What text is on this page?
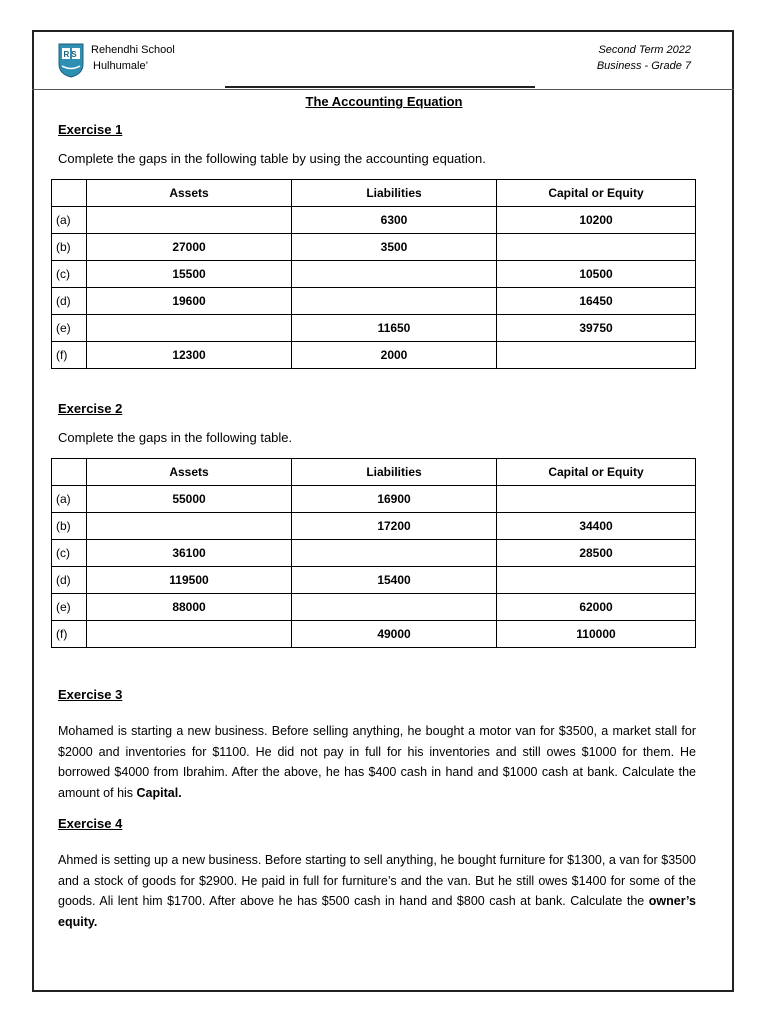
RS Rehendhi School
Hulhumale’
Second Term 2022
Business - Grade 7
The Accounting Equation
Exercise 1
Complete the gaps in the following table by using the accounting equation.
	Assets	Liabilities	Capital or Equity
(a)		6300	10200
(b)	27000	3500	
(c)	15500		10500
(d)	19600		16450
(e)		11650	39750
(f)	12300	2000	
Exercise 2
Complete the gaps in the following table.
	Assets	Liabilities	Capital or Equity
(a)	55000	16900	
(b)		17200	34400
(c)	36100		28500
(d)	119500	15400	
(e)	88000		62000
(f)		49000	110000
Exercise 3
Mohamed is starting a new business. Before selling anything, he bought a motor van for $3500, a market stall for $2000 and inventories for $1100. He did not pay in full for his inventories and still owes $1000 for them. He borrowed $4000 from Ibrahim. After the above, he has $400 cash in hand and $1000 cash at bank. Calculate the amount of his Capital.
Exercise 4
Ahmed is setting up a new business. Before starting to sell anything, he bought furniture for $1300, a van for $3500 and a stock of goods for $2900. He paid in full for furniture’s and the van. But he still owes $1400 for some of the goods. Ali lent him $1700. After above he has $500 cash in hand and $800 cash at bank. Calculate the owner’s equity.
